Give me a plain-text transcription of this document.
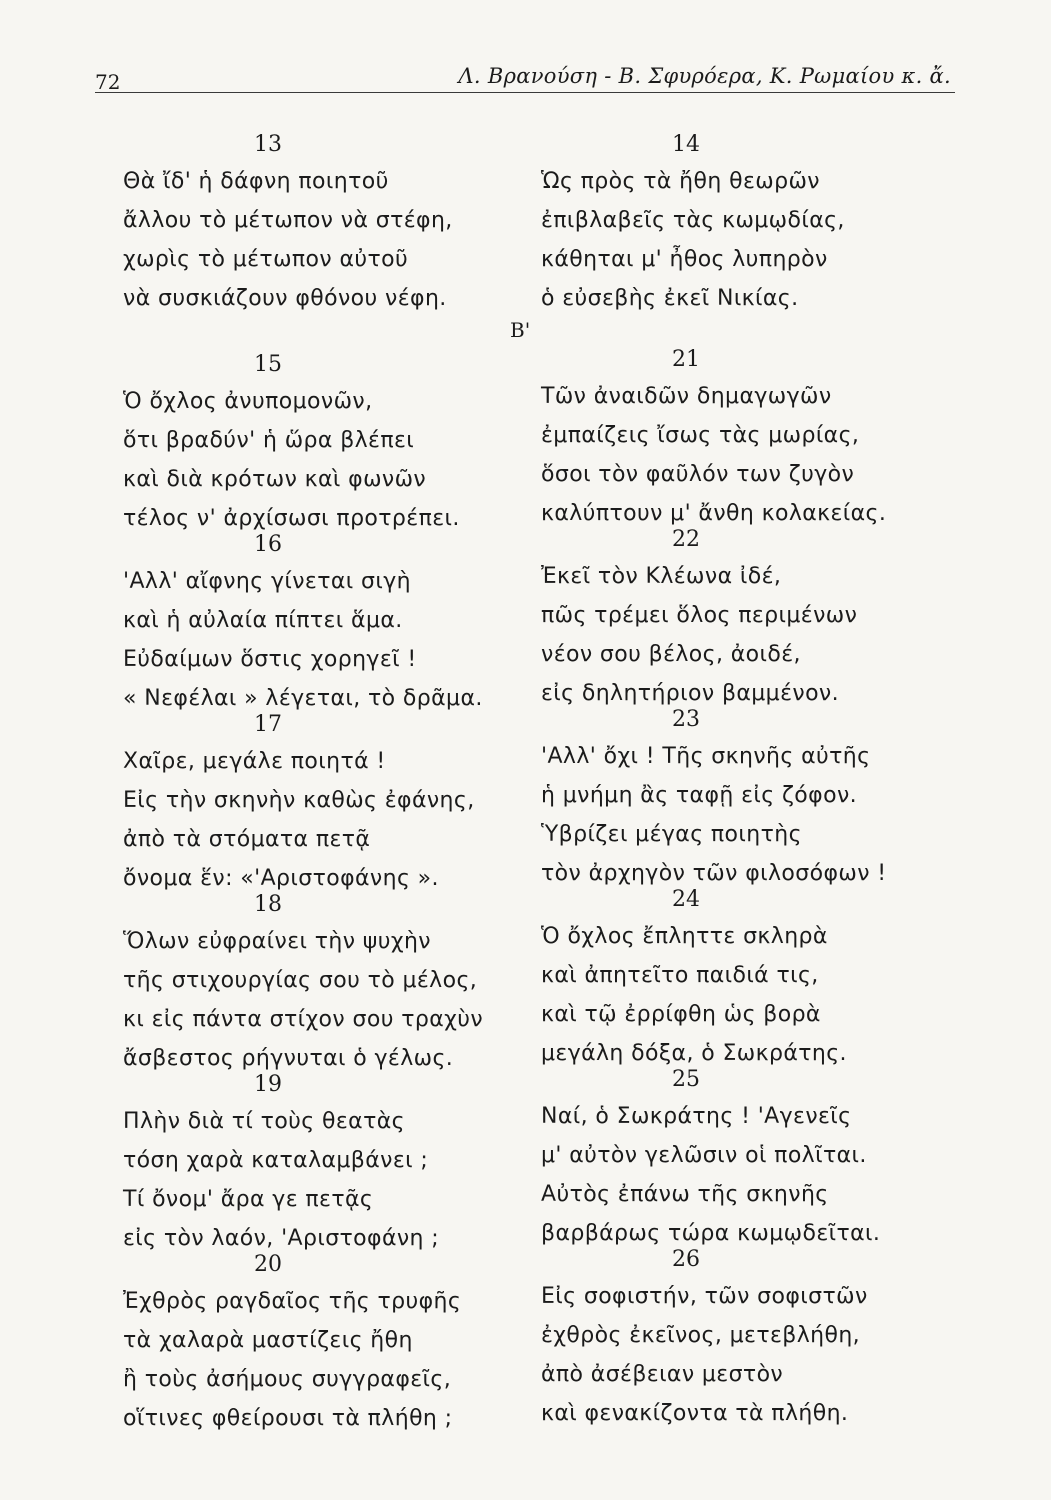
72	Λ. Βρανούση - Β. Σφυρόερα, Κ. Ρωμαίου κ. ἄ.
Β'
13
Θὰ ἴδ' ἡ δάφνη ποιητοῦ
ἄλλου τὸ μέτωπον νὰ στέφη,
χωρὶς τὸ μέτωπον αὐτοῦ
νὰ συσκιάζουν φθόνου νέφη.
15
Ὁ ὄχλος ἀνυπομονῶν,
ὅτι βραδύν' ἡ ὥρα βλέπει
καὶ διὰ κρότων καὶ φωνῶν
τέλος ν' ἀρχίσωσι προτρέπει.
16
'Αλλ' αἴφνης γίνεται σιγὴ
καὶ ἡ αὐλαία πίπτει ἅμα.
Εὐδαίμων ὅστις χορηγεῖ !
« Νεφέλαι » λέγεται, τὸ δρᾶμα.
17
Χαῖρε, μεγάλε ποιητά !
Εἰς τὴν σκηνὴν καθὼς ἐφάνης,
ἀπὸ τὰ στόματα πετᾷ
ὄνομα ἕν: «'Αριστοφάνης ».
18
Ὅλων εὐφραίνει τὴν ψυχὴν
τῆς στιχουργίας σου τὸ μέλος,
κι εἰς πάντα στίχον σου τραχὺν
ἄσβεστος ρήγνυται ὁ γέλως.
19
Πλὴν διὰ τί τοὺς θεατὰς
τόση χαρὰ καταλαμβάνει ;
Τί ὄνομ' ἄρα γε πετᾷς
εἰς τὸν λαόν, 'Αριστοφάνη ;
20
Ἐχθρὸς ραγδαῖος τῆς τρυφῆς
τὰ χαλαρὰ μαστίζεις ἤθη
ἢ τοὺς ἀσήμους συγγραφεῖς,
οἵτινες φθείρουσι τὰ πλήθη ;
14
Ὡς πρὸς τὰ ἤθη θεωρῶν
ἐπιβλαβεῖς τὰς κωμῳδίας,
κάθηται μ' ἦθος λυπηρὸν
ὁ εὐσεβὴς ἐκεῖ Νικίας.
21
Τῶν ἀναιδῶν δημαγωγῶν
ἐμπαίζεις ἴσως τὰς μωρίας,
ὅσοι τὸν φαῦλόν των ζυγὸν
καλύπτουν μ' ἄνθη κολακείας.
22
Ἐκεῖ τὸν Κλέωνα ἰδέ,
πῶς τρέμει ὅλος περιμένων
νέον σου βέλος, ἀοιδέ,
εἰς δηλητήριον βαμμένον.
23
'Αλλ' ὄχι ! Τῆς σκηνῆς αὐτῆς
ἡ μνήμη ἂς ταφῇ εἰς ζόφον.
Ὑβρίζει μέγας ποιητὴς
τὸν ἀρχηγὸν τῶν φιλοσόφων !
24
Ὁ ὄχλος ἔπληττε σκληρὰ
καὶ ἀπητεῖτο παιδιά τις,
καὶ τῷ ἐρρίφθη ὡς βορὰ
μεγάλη δόξα, ὁ Σωκράτης.
25
Ναί, ὁ Σωκράτης ! 'Αγενεῖς
μ' αὐτὸν γελῶσιν οἱ πολῖται.
Αὐτὸς ἐπάνω τῆς σκηνῆς
βαρβάρως τώρα κωμῳδεῖται.
26
Εἰς σοφιστήν, τῶν σοφιστῶν
ἐχθρὸς ἐκεῖνος, μετεβλήθη,
ἀπὸ ἀσέβειαν μεστὸν
καὶ φενακίζοντα τὰ πλήθη.
